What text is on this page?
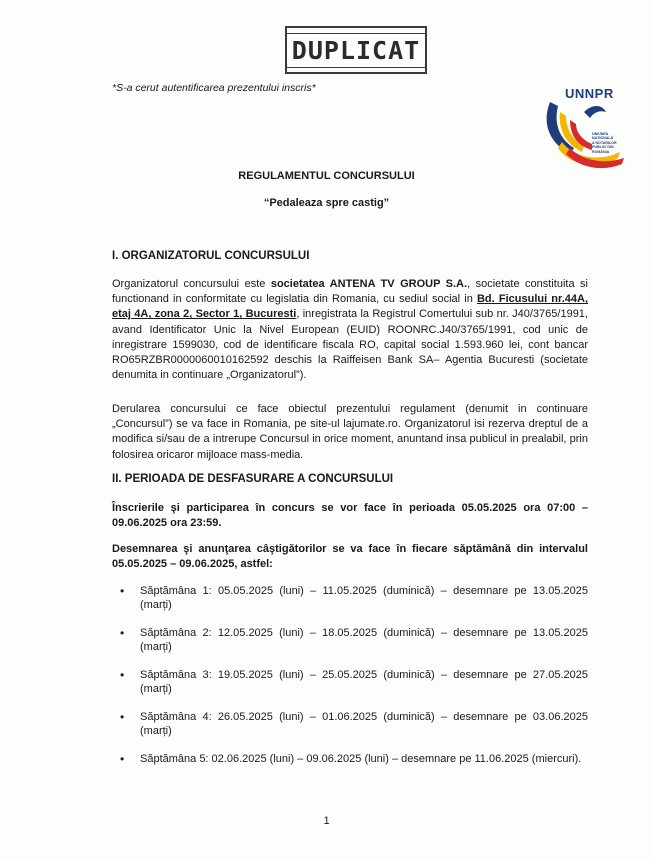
DUPLICAT
*S-a cerut autentificarea prezentului inscris*	UNNPR
UNIUNEA
NAȚIONALĂ
A NOTARILOR
PUBLICI DIN
ROMÂNIA
REGULAMENTUL CONCURSULUI
“Pedaleaza spre castig”
I. ORGANIZATORUL CONCURSULUI

Organizatorul concursului este societatea ANTENA TV GROUP S.A., societate constituita si functionand in conformitate cu legislatia din Romania, cu sediul social in Bd. Ficusului nr.44A, etaj 4A, zona 2, Sector 1, Bucuresti, inregistrata la Registrul Comertului sub nr. J40/3765/1991, avand Identificator Unic la Nivel European (EUID) ROONRC.J40/3765/1991, cod unic de inregistrare 1599030, cod de identificare fiscala RO, capital social 1.593.960 lei, cont bancar RO65RZBR0000060010162592 deschis la Raiffeisen Bank SA– Agentia Bucuresti (societate denumita in continuare „Organizatorul”).

Derularea concursului ce face obiectul prezentului regulament (denumit in continuare „Concursul”) se va face in Romania, pe site-ul lajumate.ro. Organizatorul isi rezerva dreptul de a modifica si/sau de a intrerupe Concursul in orice moment, anuntand insa publicul in prealabil, prin folosirea oricaror mijloace mass-media.

II. PERIOADA DE DESFASURARE A CONCURSULUI

Înscrierile şi participarea în concurs se vor face în perioada 05.05.2025 ora 07:00 – 09.06.2025 ora 23:59.

Desemnarea şi anunţarea câştigătorilor se va face în fiecare săptămână din intervalul 05.05.2025 – 09.06.2025, astfel:

• Săptămâna 1: 05.05.2025 (luni) – 11.05.2025 (duminică) – desemnare pe 13.05.2025 (marți)
• Săptămâna 2: 12.05.2025 (luni) – 18.05.2025 (duminică) – desemnare pe 13.05.2025 (marți)
• Săptămâna 3: 19.05.2025 (luni) – 25.05.2025 (duminică) – desemnare pe 27.05.2025 (marți)
• Săptămâna 4: 26.05.2025 (luni) – 01.06.2025 (duminică) – desemnare pe 03.06.2025 (marți)
• Săptămâna 5: 02.06.2025 (luni) – 09.06.2025 (luni) – desemnare pe 11.06.2025 (miercuri).
1
